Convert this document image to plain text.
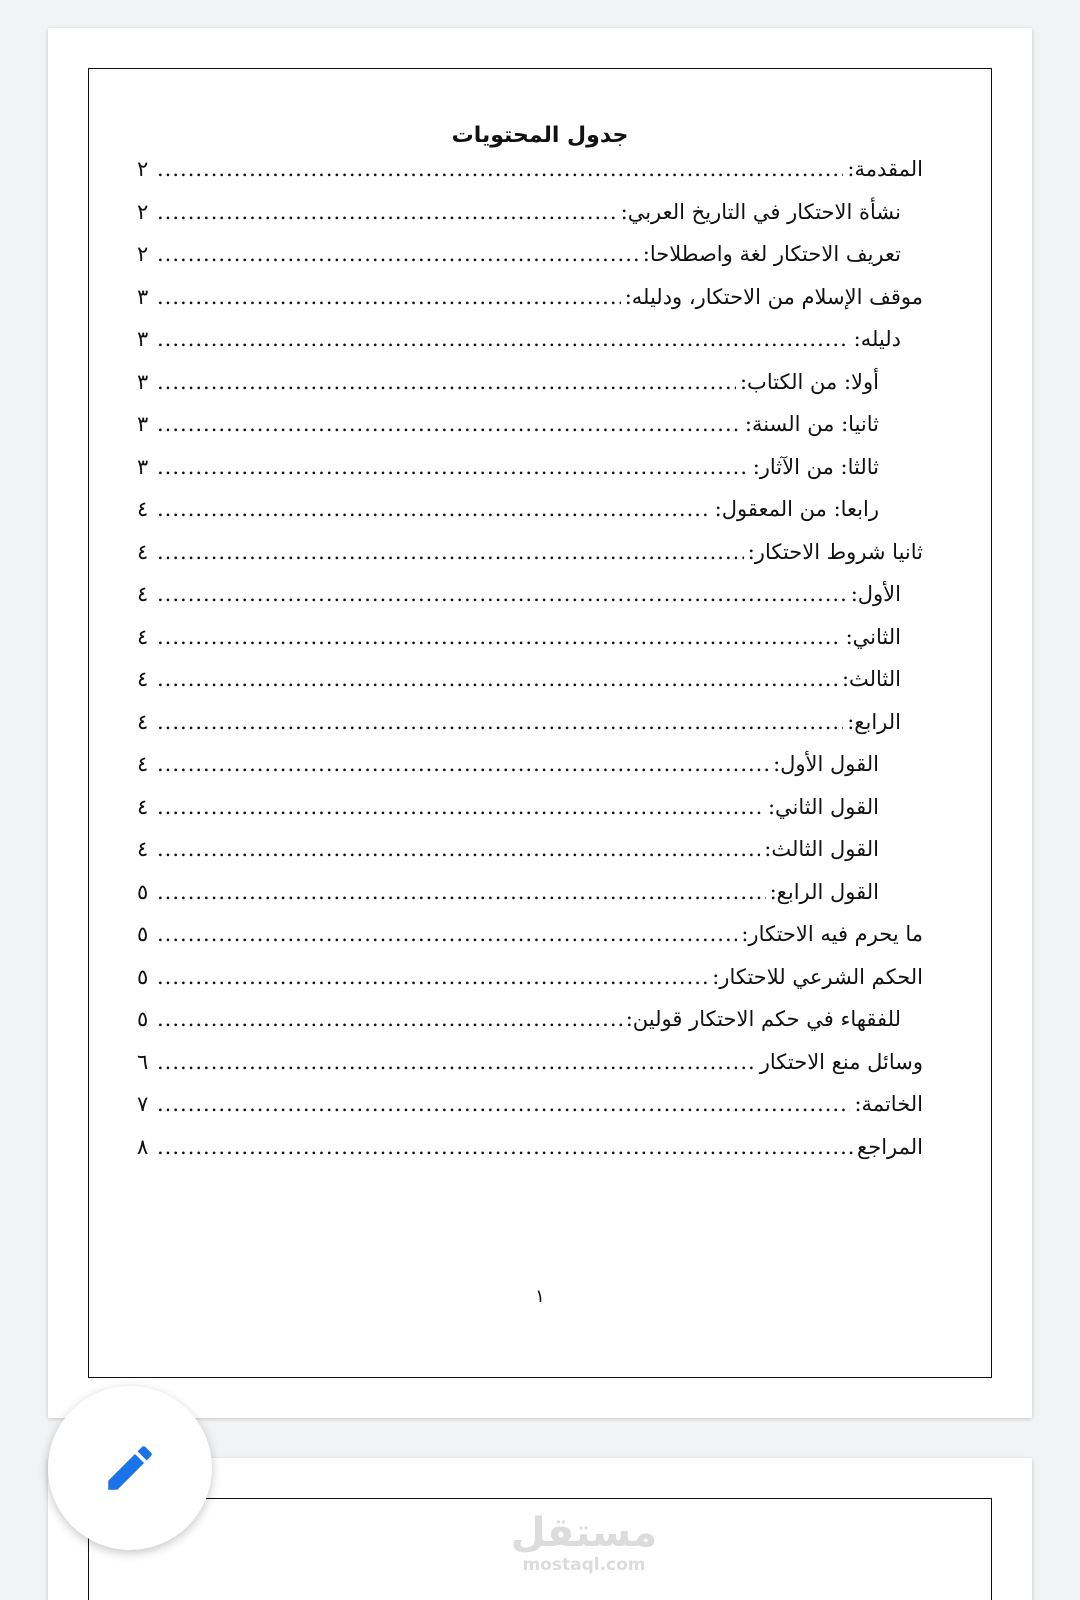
جدول المحتويات
المقدمة:
.....
٢
نشأة الاحتكار في التاريخ العربي:
.....
٢
تعريف الاحتكار لغة واصطلاحا:
.....
٢
موقف الإسلام من الاحتكار، ودليله:
.....
٣
دليله:
.....
٣
أولا: من الكتاب:
.....
٣
ثانيا: من السنة:
.....
٣
ثالثا: من الآثار:
.....
٣
رابعا: من المعقول:
.....
٤
ثانيا شروط الاحتكار:
.....
٤
الأول:
.....
٤
الثاني:
.....
٤
الثالث:
.....
٤
الرابع:
.....
٤
القول الأول:
.....
٤
القول الثاني:
.....
٤
القول الثالث:
.....
٤
القول الرابع:
.....
٥
ما يحرم فيه الاحتكار:
.....
٥
الحكم الشرعي للاحتكار:
.....
٥
للفقهاء في حكم الاحتكار قولين:
.....
٥
وسائل منع الاحتكار
.....
٦
الخاتمة:
.....
٧
المراجع
.....
٨
١
مستقل
mostaql.com
